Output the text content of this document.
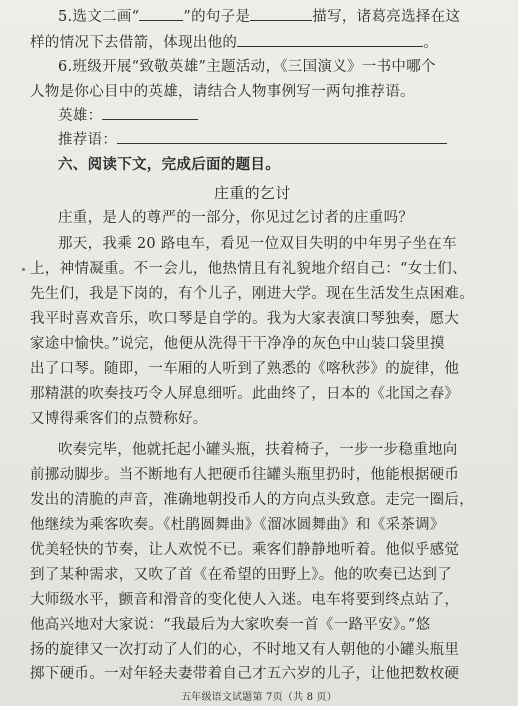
5.选文二画“	”的句子是	描写，诸葛亮选择在这
样的情况下去借箭，体现出他的	。
6.班级开展“致敬英雄”主题活动，《三国演义》一书中哪个
人物是你心目中的英雄，请结合人物事例写一两句推荐语。
英雄：
推荐语：
六、阅读下文，完成后面的题目。
庄重的乞讨
庄重，是人的尊严的一部分，你见过乞讨者的庄重吗？
那天，我乘 20 路电车，看见一位双目失明的中年男子坐在车
上，神情凝重。不一会儿，他热情且有礼貌地介绍自己：“女士们、
先生们，我是下岗的，有个儿子，刚进大学。现在生活发生点困难。
我平时喜欢音乐，吹口琴是自学的。我为大家表演口琴独奏，愿大
家途中愉快。”说完，他便从洗得干干净净的灰色中山装口袋里摸
出了口琴。随即，一车厢的人听到了熟悉的《喀秋莎》的旋律，他
那精湛的吹奏技巧令人屏息细听。此曲终了，日本的《北国之春》
又博得乘客们的点赞称好。
吹奏完毕，他就托起小罐头瓶，扶着椅子，一步一步稳重地向
前挪动脚步。当不断地有人把硬币往罐头瓶里扔时，他能根据硬币
发出的清脆的声音，准确地朝投币人的方向点头致意。走完一圈后，
他继续为乘客吹奏。《杜鹃圆舞曲》《溜冰圆舞曲》和《采茶调》
优美轻快的节奏，让人欢悦不已。乘客们静静地听着。他似乎感觉
到了某种需求，又吹了首《在希望的田野上》。他的吹奏已达到了
大师级水平，颤音和滑音的变化使人入迷。电车将要到终点站了，
他高兴地对大家说：“我最后为大家吹奏一首《一路平安》。”悠
扬的旋律又一次打动了人们的心，不时地又有人朝他的小罐头瓶里
掷下硬币。一对年轻夫妻带着自己才五六岁的儿子，让他把数枚硬
五年级语文试题第 7页（共 8 页）
